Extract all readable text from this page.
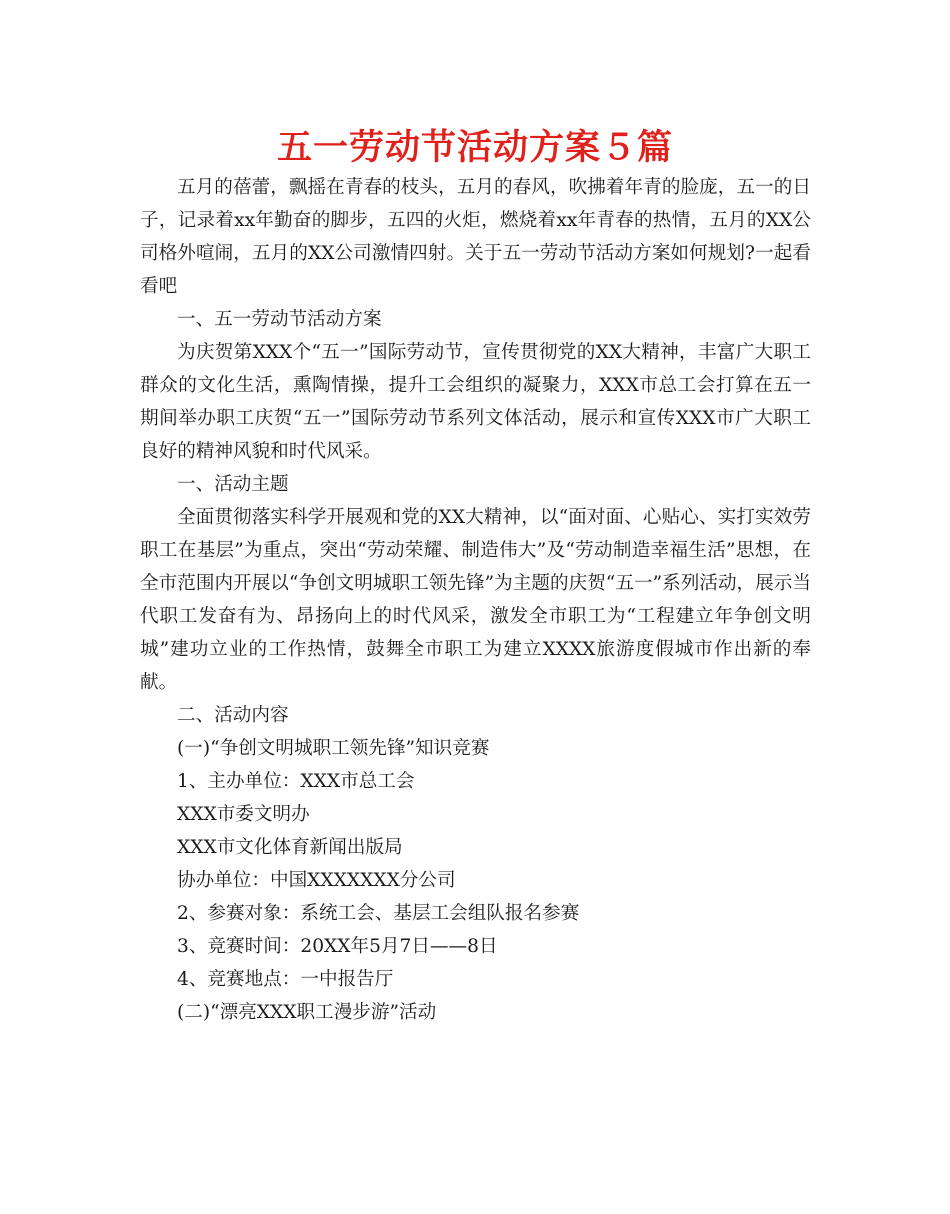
五一劳动节活动方案５篇

五月的蓓蕾，飘摇在青春的枝头，五月的春风，吹拂着年青的脸庞，五一的日子，记录着xx年勤奋的脚步，五四的火炬，燃烧着xx年青春的热情，五月的XX公司格外喧闹，五月的XX公司激情四射。关于五一劳动节活动方案如何规划?一起看看吧

一、五一劳动节活动方案

为庆贺第XXX个“五一”国际劳动节，宣传贯彻党的XX大精神，丰富广大职工群众的文化生活，熏陶情操，提升工会组织的凝聚力，XXX市总工会打算在五一期间举办职工庆贺“五一”国际劳动节系列文体活动，展示和宣传XXX市广大职工良好的精神风貌和时代风采。

一、活动主题

全面贯彻落实科学开展观和党的XX大精神，以“面对面、心贴心、实打实效劳职工在基层”为重点，突出“劳动荣耀、制造伟大”及“劳动制造幸福生活”思想，在全市范围内开展以“争创文明城职工领先锋”为主题的庆贺“五一”系列活动，展示当代职工发奋有为、昂扬向上的时代风采，激发全市职工为“工程建立年争创文明城”建功立业的工作热情，鼓舞全市职工为建立XXXX旅游度假城市作出新的奉献。

二、活动内容

(一)“争创文明城职工领先锋”知识竞赛

1、主办单位：XXX市总工会

XXX市委文明办

XXX市文化体育新闻出版局

协办单位：中国XXXXXXX分公司

2、参赛对象：系统工会、基层工会组队报名参赛

3、竞赛时间：20XX年5月7日——8日

4、竞赛地点：一中报告厅

(二)“漂亮XXX职工漫步游”活动
